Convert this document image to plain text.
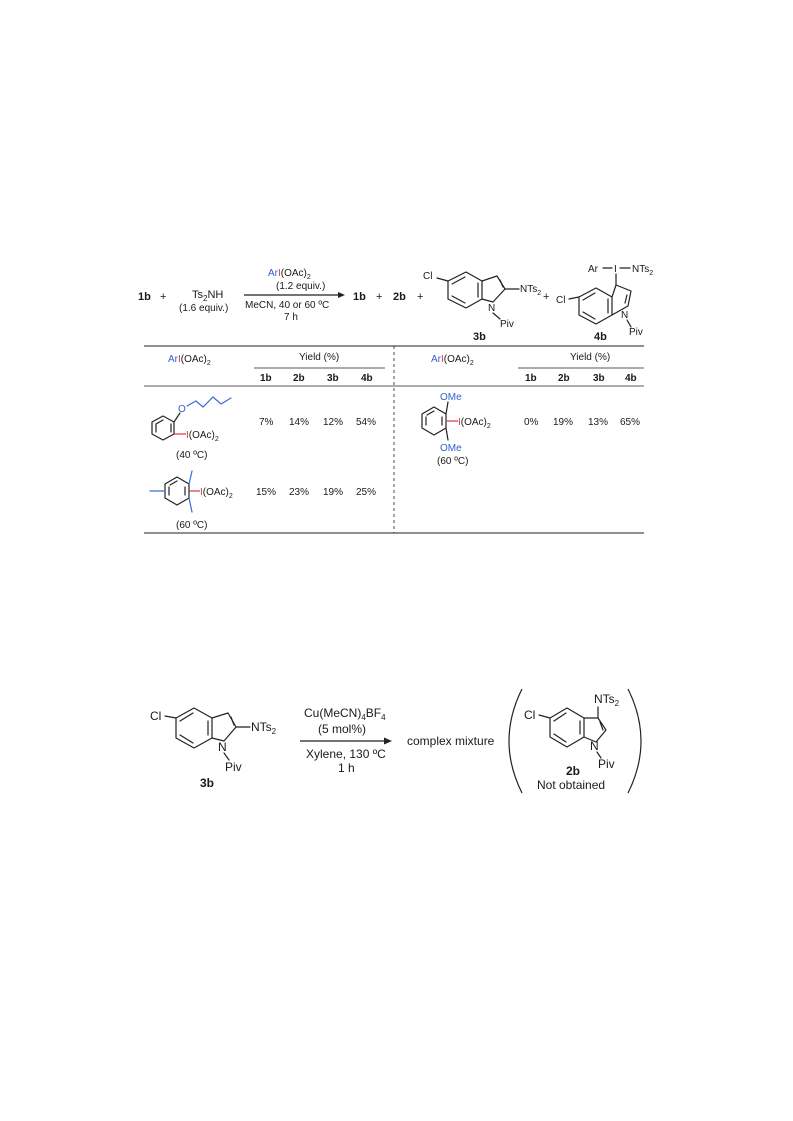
$1b + Ts_2NH$
(1.6 equiv.)
$ArI(OAc)_2$
(1.2 equiv.)
MeCN, 40 or 60 ºC
7 h
1b + 2b +
Cl
NTs$_2$
N
Piv
3b
+
Ar I NTs$_2$
Cl
N
Piv
4b
$ArI(OAc)_2$
Yield (%)
1b 2b 3b 4b
$ArI(OAc)_2$
Yield (%)
1b 2b 3b 4b
O
$I(OAc)_2$
(40 ºC)
7% 14% 12% 54%
$I(OAc)_2$
(60 ºC)
15% 23% 19% 25%
OMe
OMe
$I(OAc)_2$
(60 ºC)
0% 19% 13% 65%
Cl
NTs$_2$
N
Piv
3b
$Cu(MeCN)_4BF_4$
(5 mol%)
Xylene, 130 ºC
1 h
complex mixture
NTs$_2$
Cl
N
Piv
2b
Not obtained
